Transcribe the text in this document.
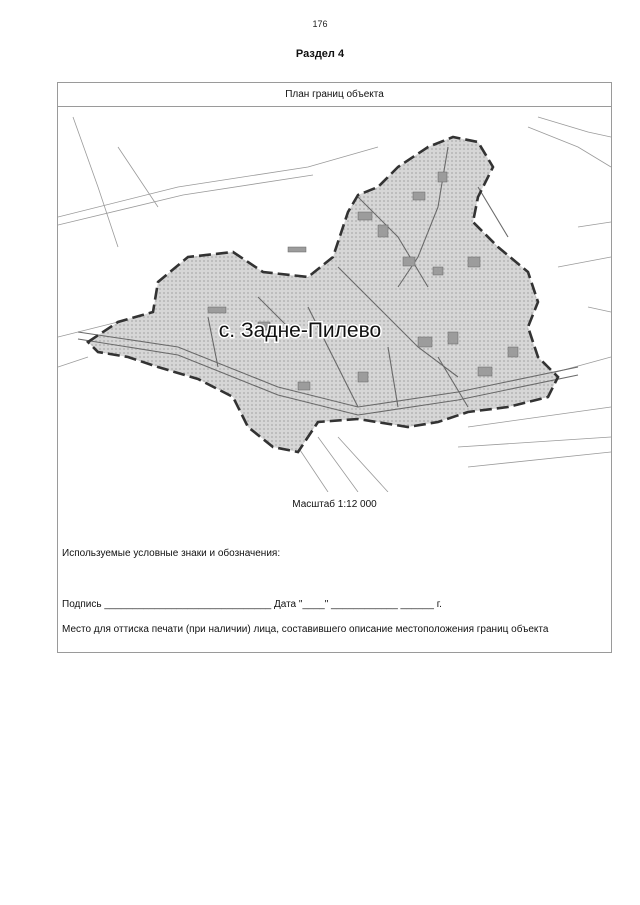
176
Раздел 4
План границ объекта
с. Задне-Пилево
Масштаб 1:12 000
Используемые условные знаки и обозначения:
Подпись ______________________________ Дата "____" ____________ ______ г.
Место для оттиска печати (при наличии) лица, составившего описание местоположения границ объекта
